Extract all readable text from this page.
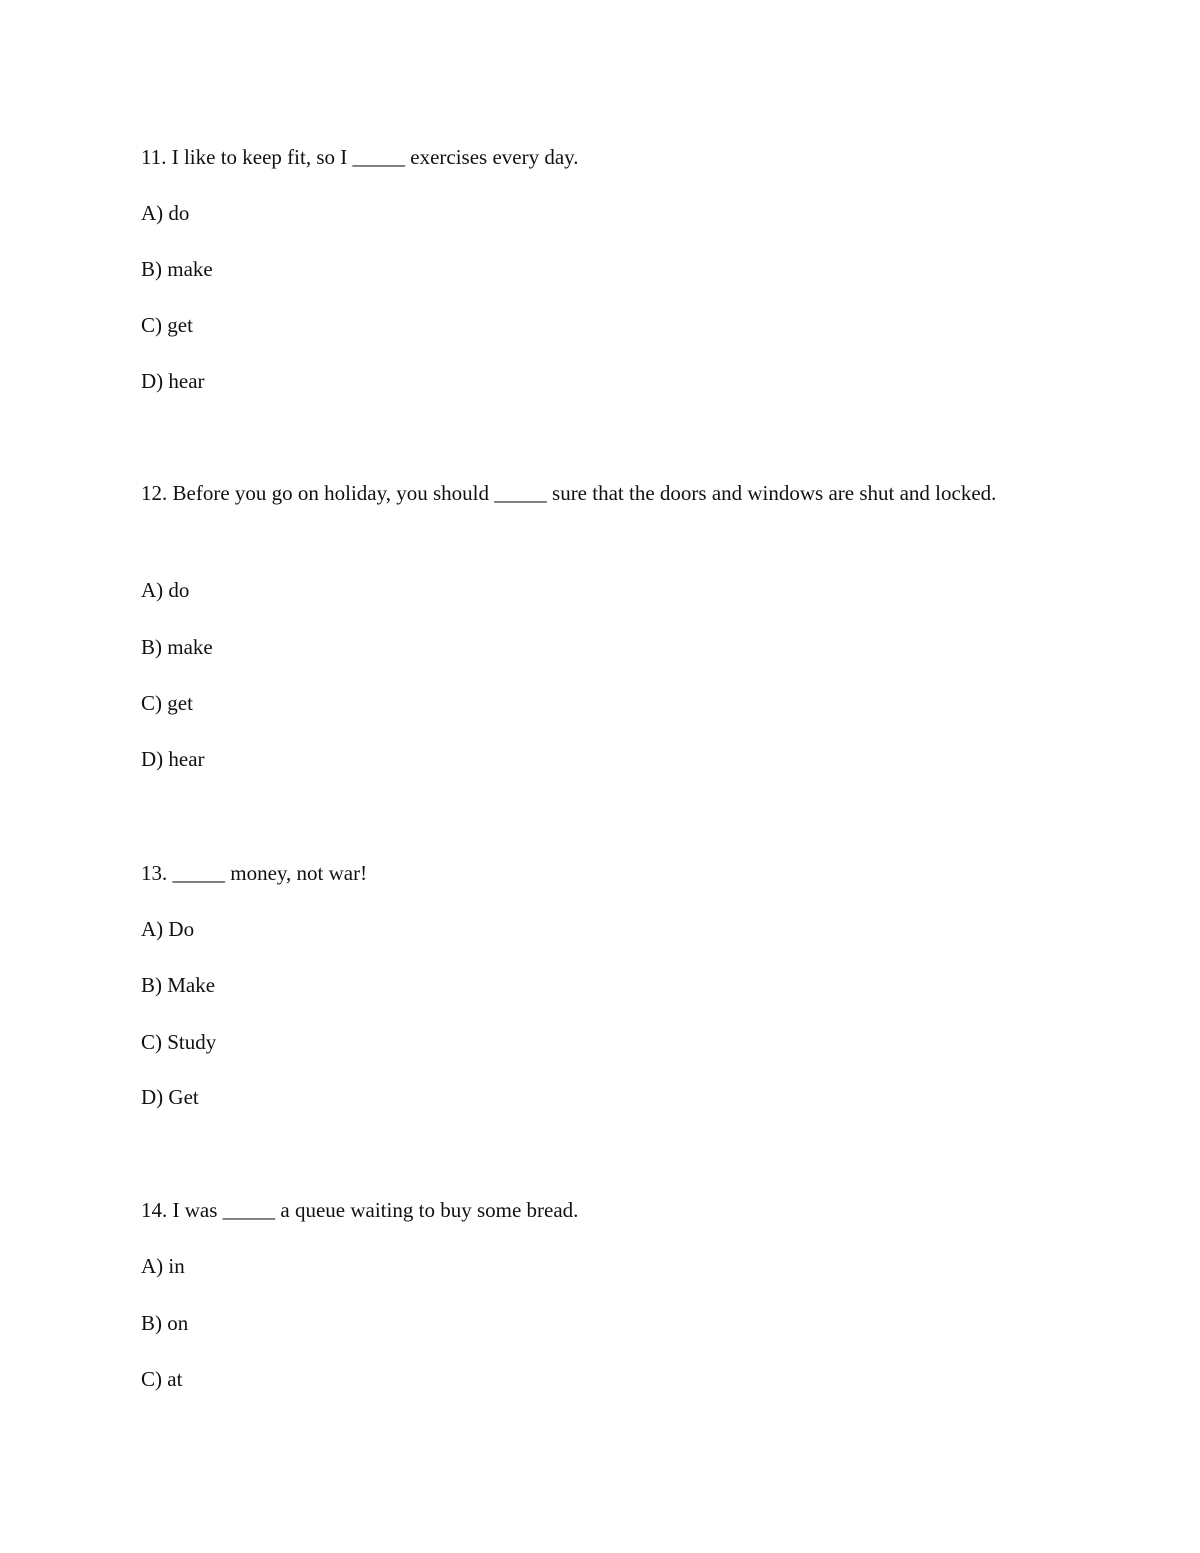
11. I like to keep fit, so I _____ exercises every day.

A) do

B) make

C) get

D) hear

12. Before you go on holiday, you should _____ sure that the doors and windows are shut and locked.

A) do

B) make

C) get

D) hear

13. _____ money, not war!

A) Do

B) Make

C) Study

D) Get

14. I was _____ a queue waiting to buy some bread.

A) in

B) on

C) at
